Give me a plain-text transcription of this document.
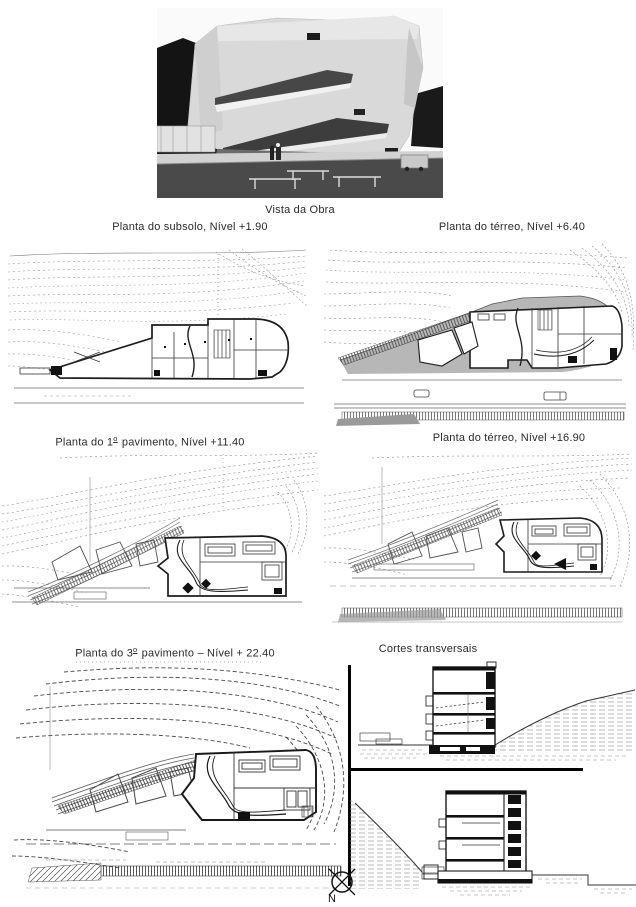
Vista da Obra
Planta do subsolo, Nível +1.90	Planta do térreo, Nível +6.40
Planta do 1$^o$ pavimento, Nível +11.40	Planta do térreo, Nível +16.90
Planta do 3$^o$ pavimento – Nível + 22.40	Cortes transversais
N
